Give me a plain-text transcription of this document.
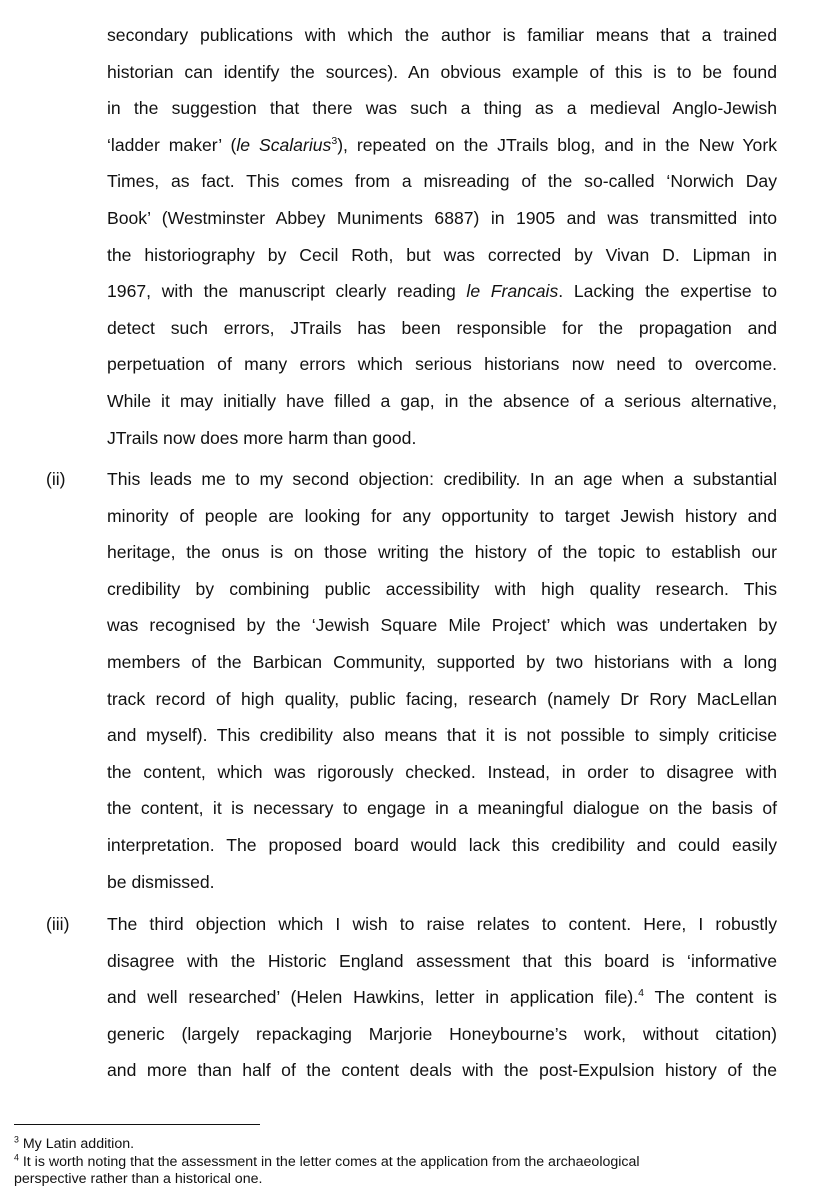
secondary publications with which the author is familiar means that a trained
historian can identify the sources). An obvious example of this is to be found
in the suggestion that there was such a thing as a medieval Anglo-Jewish
‘ladder maker’ (le Scalarius$^3$), repeated on the JTrails blog, and in the New York
Times, as fact. This comes from a misreading of the so-called ‘Norwich Day
Book’ (Westminster Abbey Muniments 6887) in 1905 and was transmitted into
the historiography by Cecil Roth, but was corrected by Vivan D. Lipman in
1967, with the manuscript clearly reading le Francais. Lacking the expertise to
detect such errors, JTrails has been responsible for the propagation and
perpetuation of many errors which serious historians now need to overcome.
While it may initially have filled a gap, in the absence of a serious alternative,
JTrails now does more harm than good.
(ii) This leads me to my second objection: credibility. In an age when a substantial
minority of people are looking for any opportunity to target Jewish history and
heritage, the onus is on those writing the history of the topic to establish our
credibility by combining public accessibility with high quality research. This
was recognised by the ‘Jewish Square Mile Project’ which was undertaken by
members of the Barbican Community, supported by two historians with a long
track record of high quality, public facing, research (namely Dr Rory MacLellan
and myself). This credibility also means that it is not possible to simply criticise
the content, which was rigorously checked. Instead, in order to disagree with
the content, it is necessary to engage in a meaningful dialogue on the basis of
interpretation. The proposed board would lack this credibility and could easily
be dismissed.
(iii) The third objection which I wish to raise relates to content. Here, I robustly
disagree with the Historic England assessment that this board is ‘informative
and well researched’ (Helen Hawkins, letter in application file).$^4$ The content is
generic (largely repackaging Marjorie Honeybourne’s work, without citation)
and more than half of the content deals with the post-Expulsion history of the
$^3$ My Latin addition.
$^4$ It is worth noting that the assessment in the letter comes at the application from the archaeological
perspective rather than a historical one.
